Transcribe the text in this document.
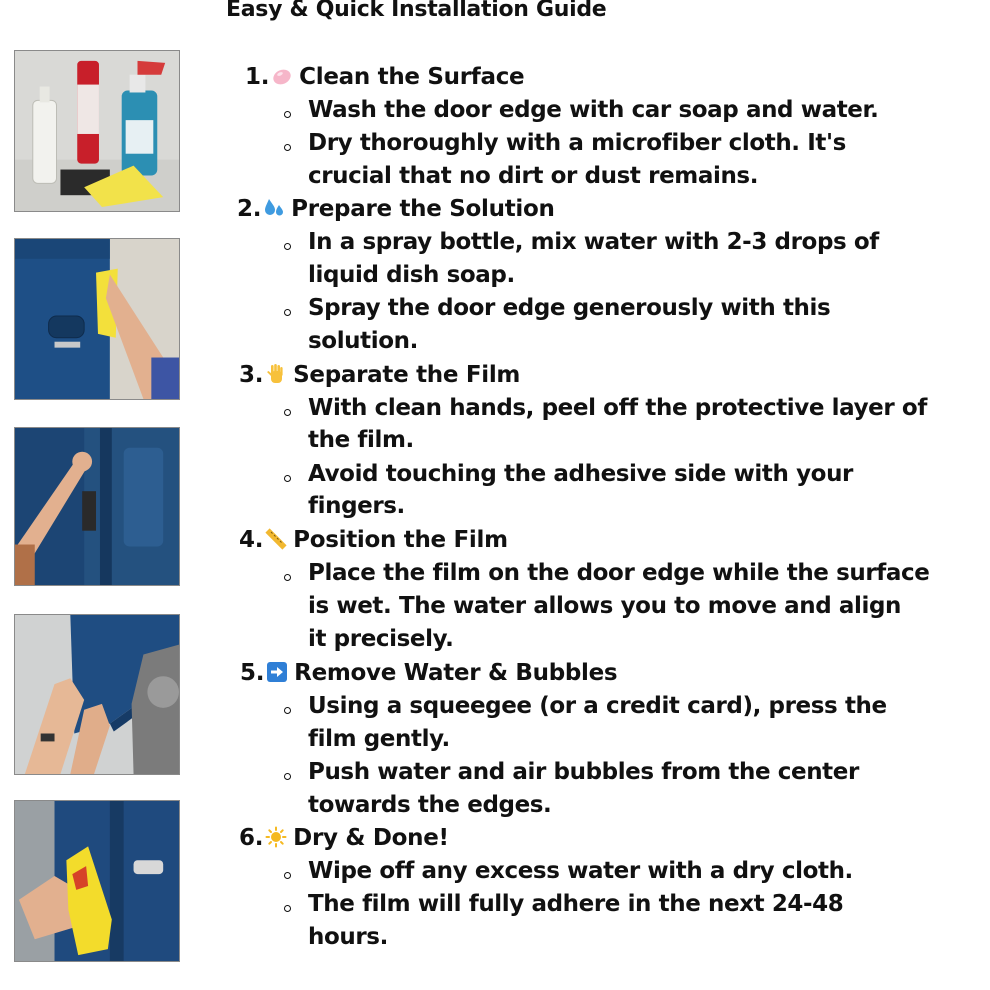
Easy & Quick Installation Guide
1. Clean the Surface
Wash the door edge with car soap and water.
Dry thoroughly with a microfiber cloth. It's
crucial that no dirt or dust remains.
2. Prepare the Solution
In a spray bottle, mix water with 2-3 drops of
liquid dish soap.
Spray the door edge generously with this
solution.
3. Separate the Film
With clean hands, peel off the protective layer of
the film.
Avoid touching the adhesive side with your
fingers.
4. Position the Film
Place the film on the door edge while the surface
is wet. The water allows you to move and align
it precisely.
5. Remove Water & Bubbles
Using a squeegee (or a credit card), press the
film gently.
Push water and air bubbles from the center
towards the edges.
6. Dry & Done!
Wipe off any excess water with a dry cloth.
The film will fully adhere in the next 24-48
hours.
